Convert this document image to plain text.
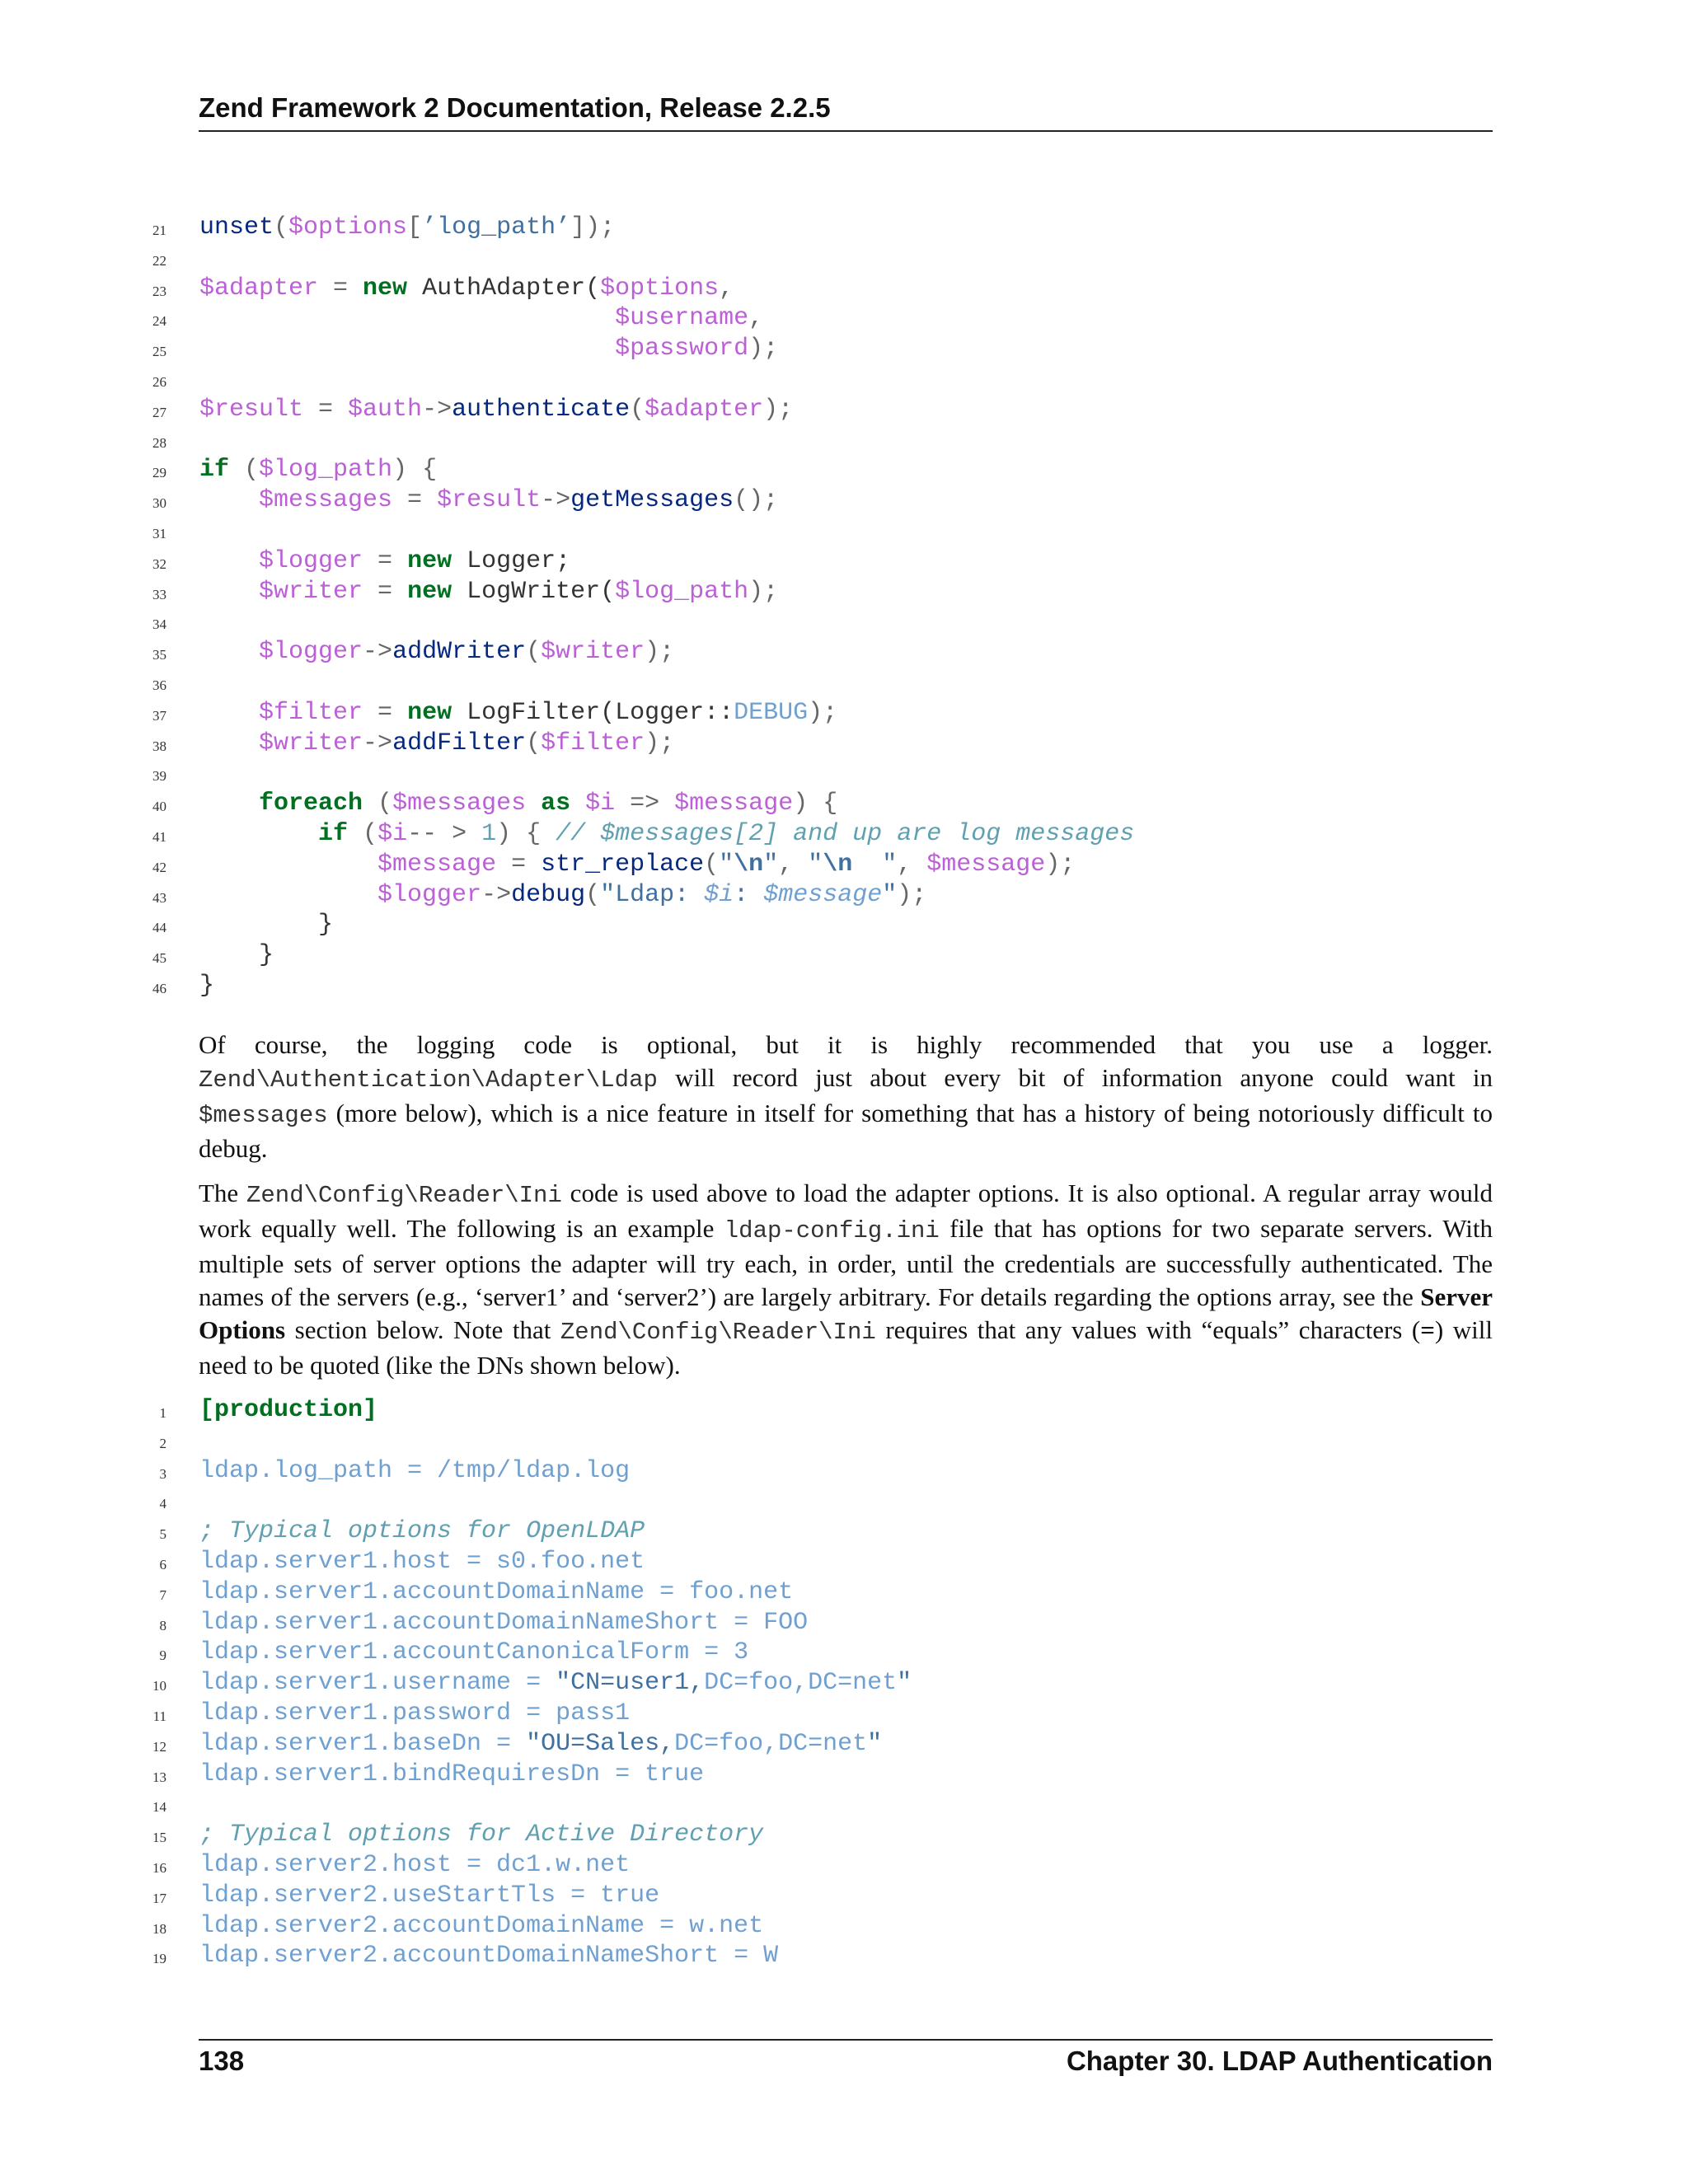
Zend Framework 2 Documentation, Release 2.2.5
21 unset($options[’log_path’]);
22
23 $adapter = new AuthAdapter($options,
24	$username,
25	$password);
26
27 $result = $auth->authenticate($adapter);
28
29 if ($log_path) {
30	$messages = $result->getMessages();
31
32	$logger = new Logger;
33	$writer = new LogWriter($log_path);
34
35	$logger->addWriter($writer);
36
37	$filter = new LogFilter(Logger::DEBUG);
38	$writer->addFilter($filter);
39
40	foreach ($messages as $i => $message) {
41	if ($i-- > 1) { // $messages[2] and up are log messages
42	$message = str_replace("\n", "\n  ", $message);
43	$logger->debug("Ldap: $i: $message");
44 }
45 }
46 }

Of course, the logging code is optional, but it is highly recommended that you use a logger. Zend\Authentication\Adapter\Ldap will record just about every bit of information anyone could want in $messages (more below), which is a nice feature in itself for something that has a history of being notoriously difficult to debug.

The Zend\Config\Reader\Ini code is used above to load the adapter options. It is also optional. A regular array would work equally well. The following is an example ldap-config.ini file that has options for two separate servers. With multiple sets of server options the adapter will try each, in order, until the credentials are successfully authenticated. The names of the servers (e.g., ‘server1’ and ‘server2’) are largely arbitrary. For details regarding the options array, see the Server Options section below. Note that Zend\Config\Reader\Ini requires that any values with “equals” characters (=) will need to be quoted (like the DNs shown below).

1 [production]
2
3 ldap.log_path = /tmp/ldap.log
4
5 ; Typical options for OpenLDAP
6 ldap.server1.host = s0.foo.net
7 ldap.server1.accountDomainName = foo.net
8 ldap.server1.accountDomainNameShort = FOO
9 ldap.server1.accountCanonicalForm = 3
10 ldap.server1.username = "CN=user1,DC=foo,DC=net"
11 ldap.server1.password = pass1
12 ldap.server1.baseDn = "OU=Sales,DC=foo,DC=net"
13 ldap.server1.bindRequiresDn = true
14
15 ; Typical options for Active Directory
16 ldap.server2.host = dc1.w.net
17 ldap.server2.useStartTls = true
18 ldap.server2.accountDomainName = w.net
19 ldap.server2.accountDomainNameShort = W
138	Chapter 30. LDAP Authentication
